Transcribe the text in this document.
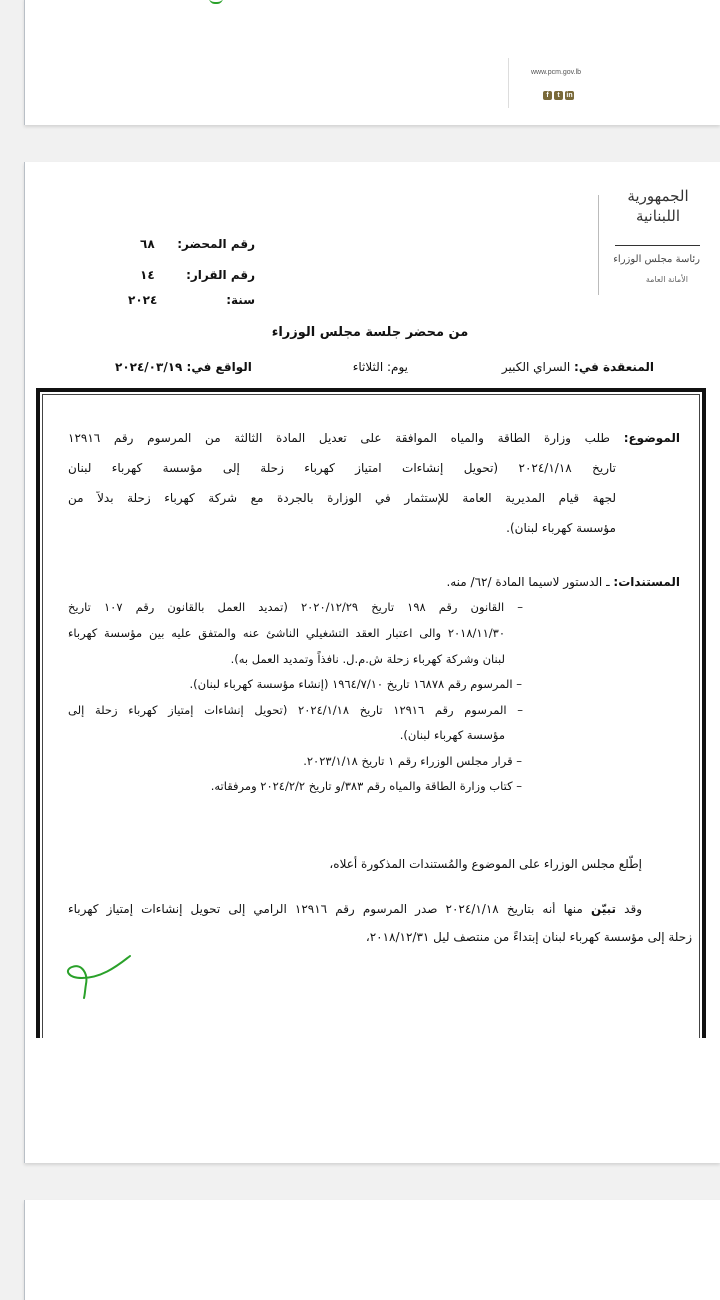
www.pcm.gov.lb
f t in
الجمهورية اللبنانية
رئاسة مجلس الوزراء
الأمانة العامة
رقم المحضر:
٦٨
رقم القرار:
١٤
سنة:
٢٠٢٤
من محضر جلسة مجلس الوزراء
المنعقدة في: السراي الكبير
يوم: الثلاثاء
الواقع في: ٢٠٢٤/٠٣/١٩
الموضوع: طلب وزارة الطاقة والمياه الموافقة على تعديل المادة الثالثة من المرسوم رقم ١٢٩١٦
تاريخ ٢٠٢٤/١/١٨ (تحويل إنشاءات امتياز كهرباء زحلة إلى مؤسسة كهرباء لبنان
لجهة قيام المديرية العامة للإستثمار في الوزارة بالجردة مع شركة كهرباء زحلة بدلاً من
مؤسسة كهرباء لبنان).
المستندات: ـ الدستور لاسيما المادة /٦٢/ منه.
– القانون رقم ١٩٨ تاريخ ٢٠٢٠/١٢/٢٩ (تمديد العمل بالقانون رقم ١٠٧ تاريخ
٢٠١٨/١١/٣٠ والى اعتبار العقد التشغيلي الناشئ عنه والمتفق عليه بين مؤسسة كهرباء
لبنان وشركة كهرباء زحلة ش.م.ل. نافذاً وتمديد العمل به).
– المرسوم رقم ١٦٨٧٨ تاريخ ١٩٦٤/٧/١٠ (إنشاء مؤسسة كهرباء لبنان).
– المرسوم رقم ١٢٩١٦ تاريخ ٢٠٢٤/١/١٨ (تحويل إنشاءات إمتياز كهرباء زحلة إلى
مؤسسة كهرباء لبنان).
– قرار مجلس الوزراء رقم ١ تاريخ ٢٠٢٣/١/١٨.
– كتاب وزارة الطاقة والمياه رقم ٣٨٣/و تاريخ ٢٠٢٤/٢/٢ ومرفقاته.
إطّلع مجلس الوزراء على الموضوع والمُستندات المذكورة أعلاه،
وقد تبيّن منها أنه بتاريخ ٢٠٢٤/١/١٨ صدر المرسوم رقم ١٢٩١٦ الرامي إلى تحويل إنشاءات إمتياز كهرباء
زحلة إلى مؤسسة كهرباء لبنان إبتداءً من منتصف ليل ٢٠١٨/١٢/٣١،
